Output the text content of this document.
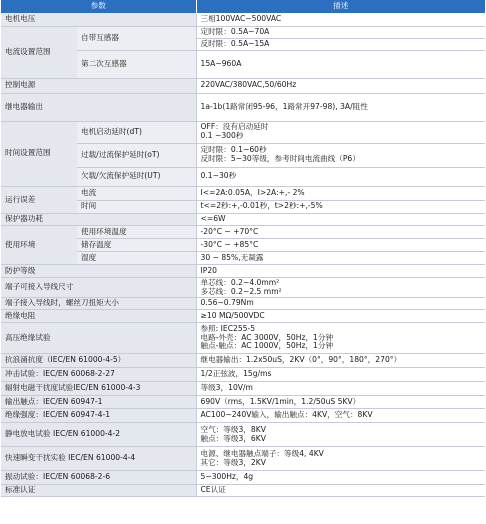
参数		描述
电机电压		三相100VAC~500VAC

电流设置范围	自带互感器	定时限：0.5A~70A

		反时限：0.5A~15A

	第二次互感器	15A~960A

控制电源		220VAC/380VAC,50/60Hz

继电器输出		1a-1b(1路常闭95-96，1路常开97-98), 3A/阻性

时间设置范围	电机启动延时(dT)	OFF：没有启动延时
0.1 ~300秒

	过载/过流保护延时(oT)	定时限：0.1~60秒
反时限：5~30等级，参考时间电流曲线（P6）

	欠载/欠流保护延时(UT)	0.1~30秒

运行误差	电流	I<=2A:0.05A，I>2A:+,- 2%

	时间	t<=2秒:+,-0.01秒，t>2秒:+,-5%

保护器功耗		<=6W

使用环境	使用环境温度	-20°C ~ +70°C

	储存温度	-30°C ~ +85°C

	湿度	30 ~ 85%,无凝露

防护等级		IP20

端子可接入导线尺寸		单芯线：0.2~4.0mm²
多芯线：0.2~2.5 mm²

端子接入导线时，螺丝刀扭矩大小		0.56~0.79Nm

绝缘电阻		≥10 MΩ/500VDC

高压绝缘试验		参照: IEC255-5
电路-外壳：AC 3000V，50Hz，1分钟
触点-触点：AC 1000V，50Hz，1分钟

抗浪涌抗度（IEC/EN 61000-4-5）		继电器输出：1.2x50uS，2KV（0°，90°，180°，270°）

冲击试验：IEC/EN 60068-2-27		1/2正弦波，15g/ms

辐射电磁干扰度试验IEC/EN 61000-4-3		等级3，10V/m

输出触点：IEC/EN 60947-1		690V（rms，1.5KV/1min，1.2/50uS 5KV）

绝缘强度：IEC/EN 60947-4-1		AC100~240V输入，输出触点：4KV，空气：8KV

静电放电试验 IEC/EN 61000-4-2		空气：等级3，8KV
触点：等级3，6KV

快速瞬变干扰实验 IEC/EN 61000-4-4		电源、继电器触点端子：等级4, 4KV
其它：等级3，2KV

振动试验：IEC/EN 60068-2-6		5~300Hz，4g

标准认证		CE认证
